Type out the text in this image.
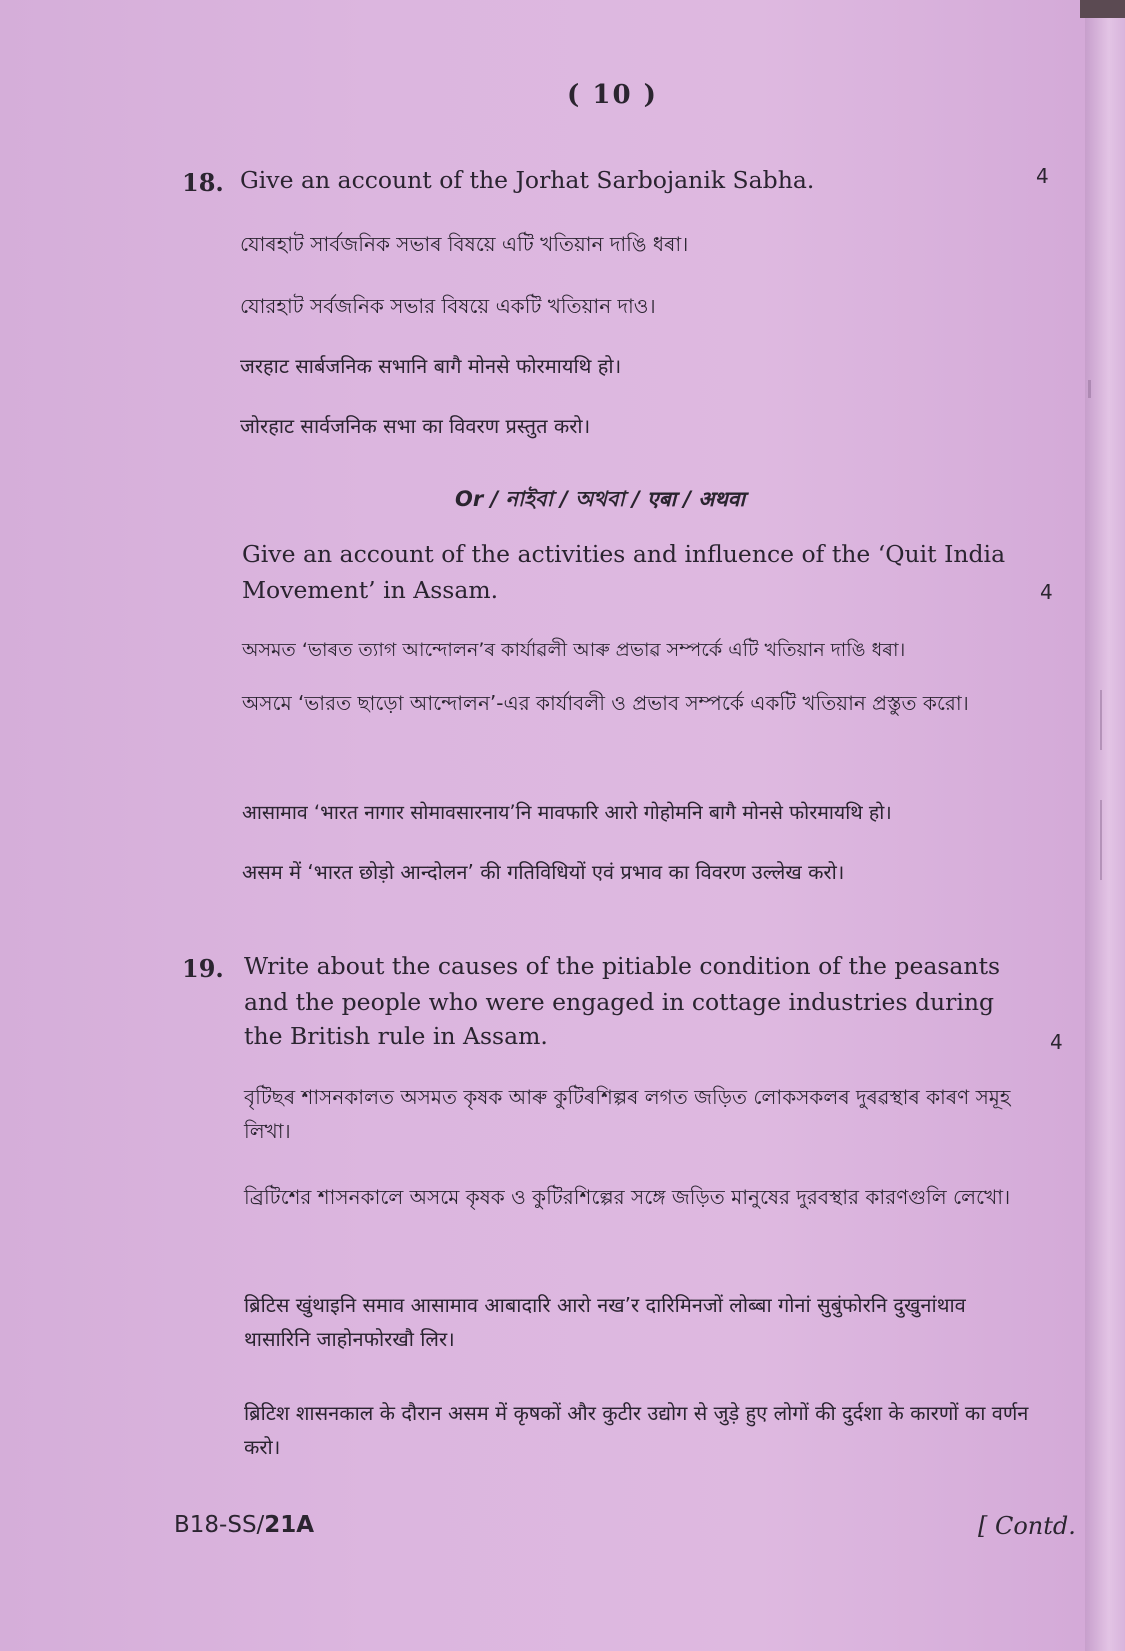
( 10 )
18. Give an account of the Jorhat Sarbojanik Sabha.	4
যোৰহাট সাৰ্বজনিক সভাৰ বিষয়ে এটি খতিয়ান দাঙি ধৰা।
যোরহাট সর্বজনিক সভার বিষয়ে একটি খতিয়ান দাও।
जरहाट सार्बजनिक सभानि बागै मोनसे फोरमायथि हो।
जोरहाट सार्वजनिक सभा का विवरण प्रस्तुत करो।
Or / নাইবা / অথবা / एबा / अथवा
Give an account of the activities and influence of the ‘Quit India
Movement’ in Assam.	4
অসমত ‘ভাৰত ত্যাগ আন্দোলন’ৰ কাৰ্যাৱলী আৰু প্ৰভাৱ সম্পৰ্কে এটি খতিয়ান দাঙি ধৰা।
অসমে ‘ভারত ছাড়ো আন্দোলন’-এর কার্যাবলী ও প্রভাব সম্পর্কে একটি খতিয়ান প্রস্তুত করো।
आसामाव ‘भारत नागार सोमावसारनाय’नि मावफारि आरो गोहोमनि बागै मोनसे फोरमायथि हो।
असम में ‘भारत छोड़ो आन्दोलन’ की गतिविधियों एवं प्रभाव का विवरण उल्लेख करो।
19. Write about the causes of the pitiable condition of the peasants
and the people who were engaged in cottage industries during
the British rule in Assam.	4
বৃটিছৰ শাসনকালত অসমত কৃষক আৰু কুটিৰশিল্পৰ লগত জড়িত লোকসকলৰ দুৰৱস্থাৰ কাৰণ সমূহ লিখা।
ব্রিটিশের শাসনকালে অসমে কৃষক ও কুটিরশিল্পের সঙ্গে জড়িত মানুষের দুরবস্থার কারণগুলি লেখো।
ब्रिटिस खुंथाइनि समाव आसामाव आबादारि आरो नख’र दारिमिनजों लोब्बा गोनां सुबुंफोरनि दुखुनांथाव थासारिनि जाहोनफोरखौ लिर।
ब्रिटिश शासनकाल के दौरान असम में कृषकों और कुटीर उद्योग से जुड़े हुए लोगों की दुर्दशा के कारणों का वर्णन करो।
B18-SS/21A	[ Contd.
